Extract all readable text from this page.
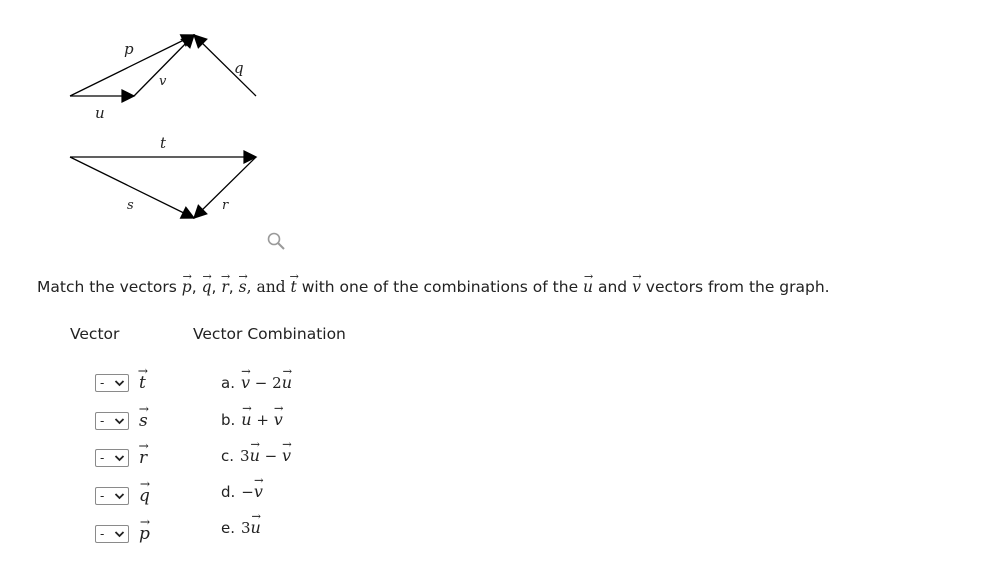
p
v
q
u
t
s	r
Match the vectors → p, → q, → r, → s, and → t with one of the combinations of the → u and → v vectors from the graph.
Vector	Vector Combination
- → t
- → s
- → r
- → q
- → p
a. → v − 2→ u
b. → u + → v
c. 3→ u − → v
d. −→ v
e. 3→ u
